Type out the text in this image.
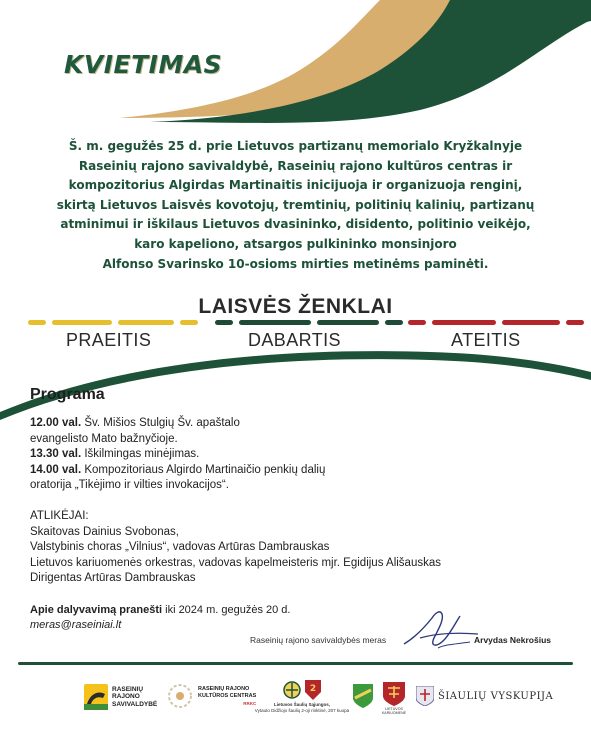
KVIETIMAS
Š. m. gegužės 25 d. prie Lietuvos partizanų memorialo Kryžkalnyje
Raseinių rajono savivaldybė, Raseinių rajono kultūros centras ir
kompozitorius Algirdas Martinaitis inicijuoja ir organizuoja renginį,
skirtą Lietuvos Laisvės kovotojų, tremtinių, politinių kalinių, partizanų
atminimui ir iškilaus Lietuvos dvasininko, disidento, politinio veikėjo,
karo kapeliono, atsargos pulkininko monsinjoro
Alfonso Svarinsko 10-osioms mirties metinėms paminėti.
LAISVĖS ŽENKLAI
PRAEITIS	DABARTIS	ATEITIS
Programa
12.00 val. Šv. Mišios Stulgių Šv. apaštalo
evangelisto Mato bažnyčioje.
13.30 val. Iškilmingas minėjimas.
14.00 val. Kompozitoriaus Algirdo Martinaičio penkių dalių
oratorija „Tikėjimo ir vilties invokacijos“.
ATLIKĖJAI:
Skaitovas Dainius Svobonas,
Valstybinis choras „Vilnius“, vadovas Artūras Dambrauskas
Lietuvos kariuomenės orkestras, vadovas kapelmeisteris mjr. Egidijus Ališauskas
Dirigentas Artūras Dambrauskas
Apie dalyvavimą pranešti iki 2024 m. gegužės 20 d.
meras@raseiniai.lt
Raseinių rajono savivaldybės meras	Arvydas Nekrošius
RASEINIŲ
RAJONO
SAVIVALDYBĖ
RASEINIŲ RAJONO
KULTŪROS CENTRAS
RRKC
2
Lietuvos Šaulių Sąjungos,
Vytauto Didžiojo šaulių 2-oji rinktinė, 207 kuopa	LIETUVOS KARIUOMENĖ
ŠIAULIŲ VYSKUPIJA
